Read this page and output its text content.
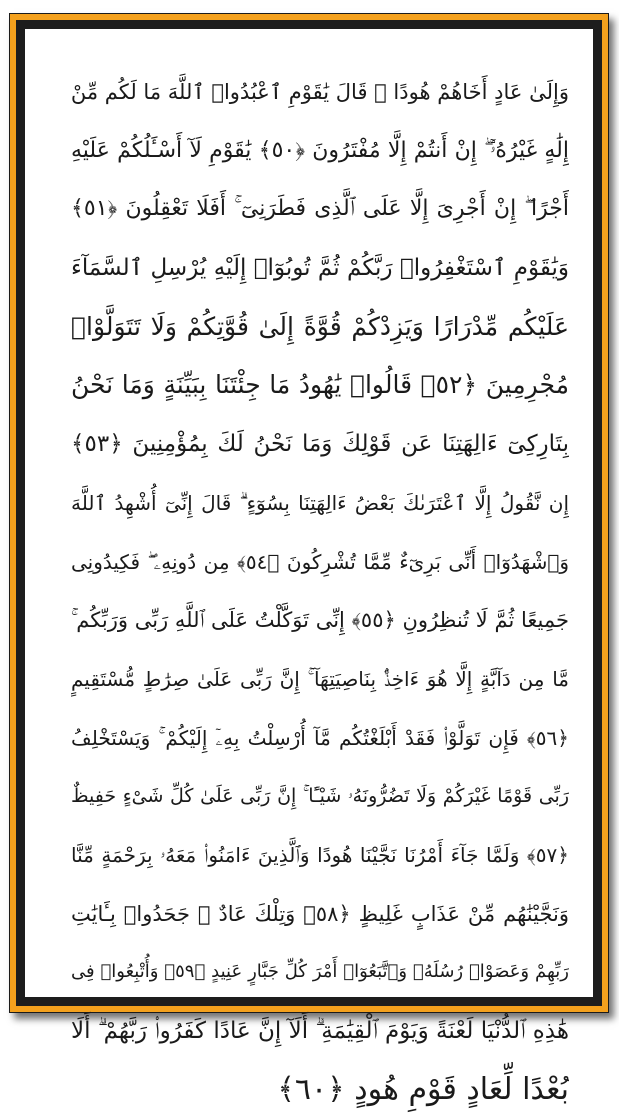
وَإِلَىٰ عَادٍ أَخَاهُمْ هُودًا ۚ قَالَ يَٰقَوْمِ ٱعْبُدُوا۟ ٱللَّهَ مَا لَكُم مِّنْ
إِلَٰهٍ غَيْرُهُۥٓ ۖ إِنْ أَنتُمْ إِلَّا مُفْتَرُونَ ﴿٥٠﴾ يَٰقَوْمِ لَآ أَسْـَٔلُكُمْ عَلَيْهِ
أَجْرًا ۖ إِنْ أَجْرِىَ إِلَّا عَلَى ٱلَّذِى فَطَرَنِىٓ ۚ أَفَلَا تَعْقِلُونَ ﴿٥١﴾
وَيَٰقَوْمِ ٱسْتَغْفِرُوا۟ رَبَّكُمْ ثُمَّ تُوبُوٓا۟ إِلَيْهِ يُرْسِلِ ٱلسَّمَآءَ
عَلَيْكُم مِّدْرَارًا وَيَزِدْكُمْ قُوَّةً إِلَىٰ قُوَّتِكُمْ وَلَا تَتَوَلَّوْا۟
مُجْرِمِينَ ﴿٥٢﴾ قَالُوا۟ يَٰهُودُ مَا جِئْتَنَا بِبَيِّنَةٍ وَمَا نَحْنُ
بِتَارِكِىٓ ءَالِهَتِنَا عَن قَوْلِكَ وَمَا نَحْنُ لَكَ بِمُؤْمِنِينَ ﴿٥٣﴾
إِن نَّقُولُ إِلَّا ٱعْتَرَىٰكَ بَعْضُ ءَالِهَتِنَا بِسُوٓءٍ ۗ قَالَ إِنِّىٓ أُشْهِدُ ٱللَّهَ
وَٱشْهَدُوٓا۟ أَنِّى بَرِىٓءٌ مِّمَّا تُشْرِكُونَ ﴿٥٤﴾ مِن دُونِهِۦ ۖ فَكِيدُونِى
جَمِيعًا ثُمَّ لَا تُنظِرُونِ ﴿٥٥﴾ إِنِّى تَوَكَّلْتُ عَلَى ٱللَّهِ رَبِّى وَرَبِّكُم ۚ
مَّا مِن دَآبَّةٍ إِلَّا هُوَ ءَاخِذٌۢ بِنَاصِيَتِهَآ ۚ إِنَّ رَبِّى عَلَىٰ صِرَٰطٍ مُّسْتَقِيمٍ
﴿٥٦﴾ فَإِن تَوَلَّوْا۟ فَقَدْ أَبْلَغْتُكُم مَّآ أُرْسِلْتُ بِهِۦٓ إِلَيْكُمْ ۚ وَيَسْتَخْلِفُ
رَبِّى قَوْمًا غَيْرَكُمْ وَلَا تَضُرُّونَهُۥ شَيْـًٔا ۚ إِنَّ رَبِّى عَلَىٰ كُلِّ شَىْءٍ حَفِيظٌ
﴿٥٧﴾ وَلَمَّا جَآءَ أَمْرُنَا نَجَّيْنَا هُودًا وَٱلَّذِينَ ءَامَنُوا۟ مَعَهُۥ بِرَحْمَةٍ مِّنَّا
وَنَجَّيْنَٰهُم مِّنْ عَذَابٍ غَلِيظٍ ﴿٥٨﴾ وَتِلْكَ عَادٌ ۖ جَحَدُوا۟ بِـَٔايَٰتِ
رَبِّهِمْ وَعَصَوْا۟ رُسُلَهُۥ وَٱتَّبَعُوٓا۟ أَمْرَ كُلِّ جَبَّارٍ عَنِيدٍ ﴿٥٩﴾ وَأُتْبِعُوا۟ فِى
هَٰذِهِ ٱلدُّنْيَا لَعْنَةً وَيَوْمَ ٱلْقِيَٰمَةِ ۗ أَلَآ إِنَّ عَادًا كَفَرُوا۟ رَبَّهُمْ ۗ أَلَا
بُعْدًا لِّعَادٍ قَوْمِ هُودٍ ﴿٦٠﴾
